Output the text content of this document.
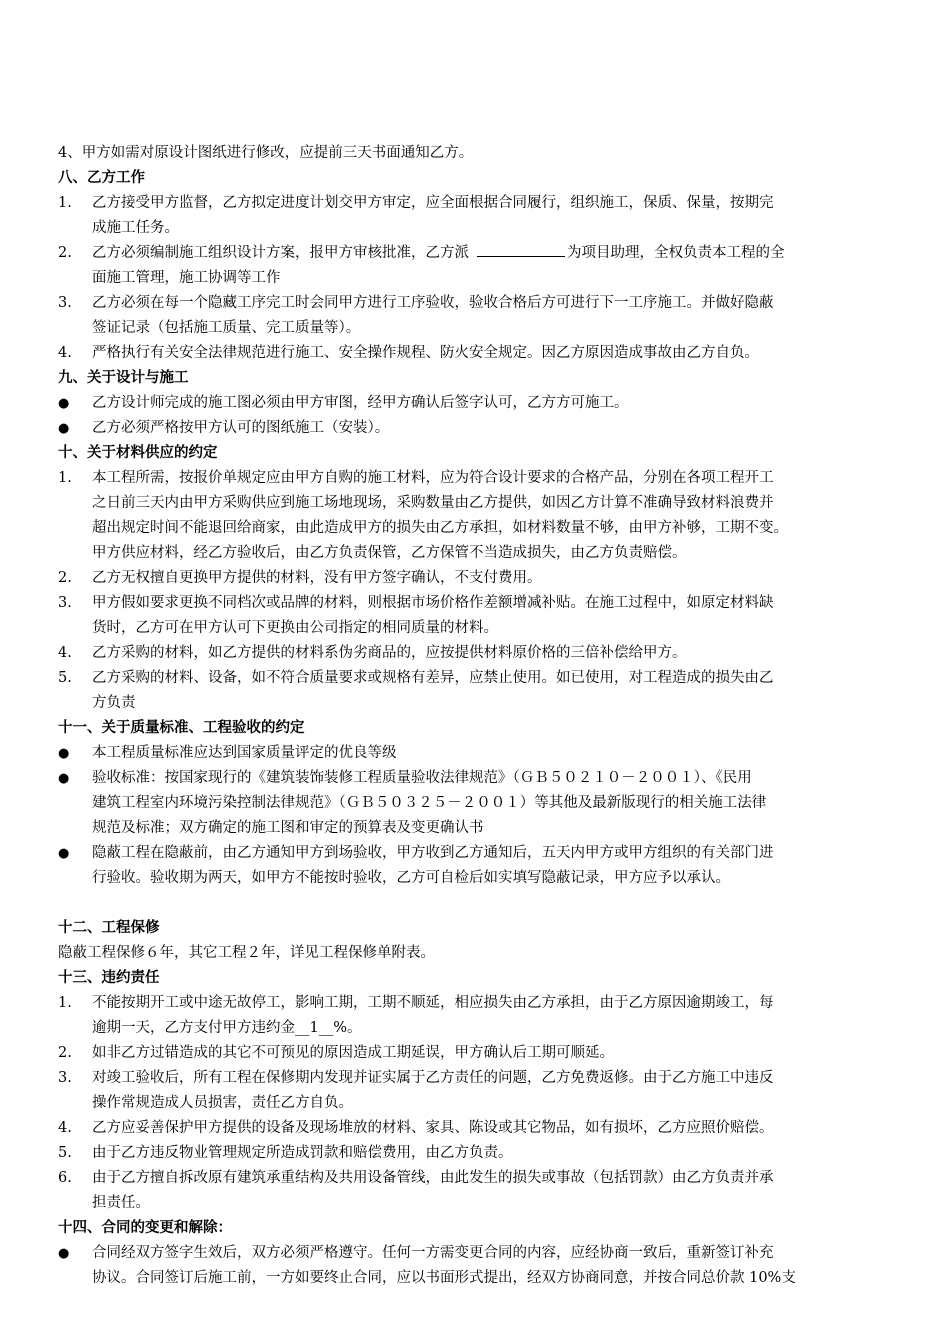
4、甲方如需对原设计图纸进行修改，应提前三天书面通知乙方。
八、乙方工作
1.	乙方接受甲方监督，乙方拟定进度计划交甲方审定，应全面根据合同履行，组织施工，保质、保量，按期完
成施工任务。
2.	乙方必须编制施工组织设计方案，报甲方审核批准，乙方派	为项目助理，全权负责本工程的全
面施工管理，施工协调等工作
3.	乙方必须在每一个隐藏工序完工时会同甲方进行工序验收，验收合格后方可进行下一工序施工。并做好隐蔽
签证记录（包括施工质量、完工质量等）。
4.	严格执行有关安全法律规范进行施工、安全操作规程、防火安全规定。因乙方原因造成事故由乙方自负。
九、关于设计与施工
●	乙方设计师完成的施工图必须由甲方审图，经甲方确认后签字认可，乙方方可施工。
●	乙方必须严格按甲方认可的图纸施工（安装）。
十、关于材料供应的约定
1.	本工程所需，按报价单规定应由甲方自购的施工材料，应为符合设计要求的合格产品，分别在各项工程开工
之日前三天内由甲方采购供应到施工场地现场，采购数量由乙方提供，如因乙方计算不准确导致材料浪费并
超出规定时间不能退回给商家，由此造成甲方的损失由乙方承担，如材料数量不够，由甲方补够，工期不变。
甲方供应材料，经乙方验收后，由乙方负责保管，乙方保管不当造成损失，由乙方负责赔偿。
2.	乙方无权擅自更换甲方提供的材料，没有甲方签字确认，不支付费用。
3.	甲方假如要求更换不同档次或品牌的材料，则根据市场价格作差额增减补贴。在施工过程中，如原定材料缺
货时，乙方可在甲方认可下更换由公司指定的相同质量的材料。
4.	乙方采购的材料，如乙方提供的材料系伪劣商品的，应按提供材料原价格的三倍补偿给甲方。
5.	乙方采购的材料、设备，如不符合质量要求或规格有差异，应禁止使用。如已使用，对工程造成的损失由乙
方负责
十一、关于质量标准、工程验收的约定
●	本工程质量标准应达到国家质量评定的优良等级
●	验收标准：按国家现行的《建筑装饰装修工程质量验收法律规范》（ＧＢ５０２１０－２００１）、《民用
建筑工程室内环境污染控制法律规范》（ＧＢ５０３２５－２００１）等其他及最新版现行的相关施工法律
规范及标准；双方确定的施工图和审定的预算表及变更确认书
●	隐蔽工程在隐蔽前，由乙方通知甲方到场验收，甲方收到乙方通知后，五天内甲方或甲方组织的有关部门进
行验收。验收期为两天，如甲方不能按时验收，乙方可自检后如实填写隐蔽记录，甲方应予以承认。
十二、工程保修
隐蔽工程保修６年，其它工程２年，详见工程保修单附表。
十三、违约责任
1.	不能按期开工或中途无故停工，影响工期，工期不顺延，相应损失由乙方承担，由于乙方原因逾期竣工，每
逾期一天，乙方支付甲方违约金__1__%。
2.	如非乙方过错造成的其它不可预见的原因造成工期延误，甲方确认后工期可顺延。
3.	对竣工验收后，所有工程在保修期内发现并证实属于乙方责任的问题，乙方免费返修。由于乙方施工中违反
操作常规造成人员损害，责任乙方自负。
4.	乙方应妥善保护甲方提供的设备及现场堆放的材料、家具、陈设或其它物品，如有损坏，乙方应照价赔偿。
5.	由于乙方违反物业管理规定所造成罚款和赔偿费用，由乙方负责。
6.	由于乙方擅自拆改原有建筑承重结构及共用设备管线，由此发生的损失或事故（包括罚款）由乙方负责并承
担责任。
十四、合同的变更和解除：
●	合同经双方签字生效后，双方必须严格遵守。任何一方需变更合同的内容，应经协商一致后，重新签订补充
协议。合同签订后施工前，一方如要终止合同，应以书面形式提出，经双方协商同意，并按合同总价款 10%支
